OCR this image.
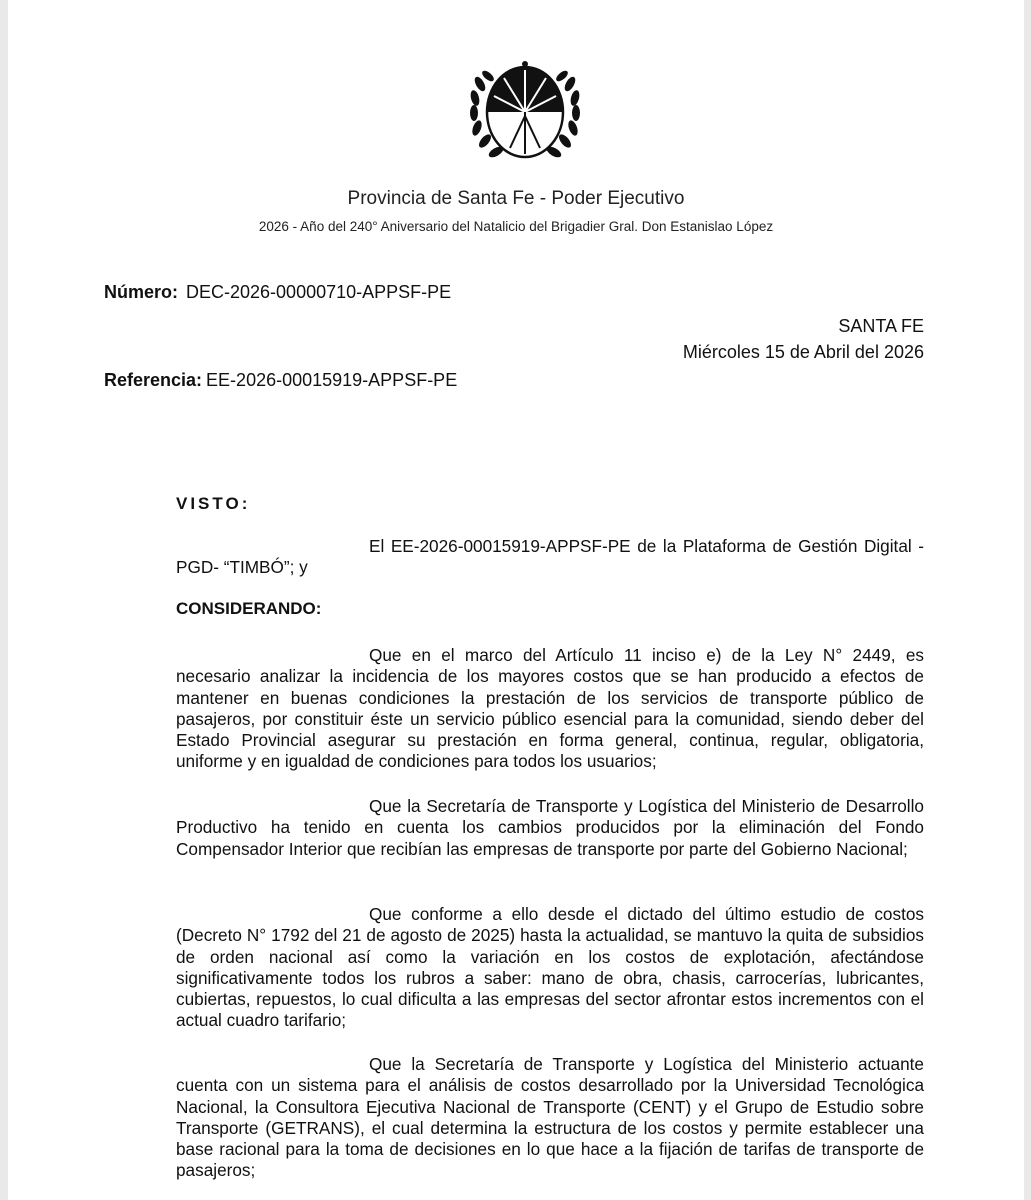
Provincia de Santa Fe - Poder Ejecutivo
2026 - Año del 240° Aniversario del Natalicio del Brigadier Gral. Don Estanislao López
Número: DEC-2026-00000710-APPSF-PE
SANTA FE
Miércoles 15 de Abril del 2026
Referencia: EE-2026-00015919-APPSF-PE
VISTO:

El EE-2026-00015919-APPSF-PE de la Plataforma de Gestión Digital -PGD- “TIMBÓ”; y

CONSIDERANDO:

Que en el marco del Artículo 11 inciso e) de la Ley N° 2449, es necesario analizar la incidencia de los mayores costos que se han producido a efectos de mantener en buenas condiciones la prestación de los servicios de transporte público de pasajeros, por constituir éste un servicio público esencial para la comunidad, siendo deber del Estado Provincial asegurar su prestación en forma general, continua, regular, obligatoria, uniforme y en igualdad de condiciones para todos los usuarios;

Que la Secretaría de Transporte y Logística del Ministerio de Desarrollo Productivo ha tenido en cuenta los cambios producidos por la eliminación del Fondo Compensador Interior que recibían las empresas de transporte por parte del Gobierno Nacional;

Que conforme a ello desde el dictado del último estudio de costos (Decreto N° 1792 del 21 de agosto de 2025) hasta la actualidad, se mantuvo la quita de subsidios de orden nacional así como la variación en los costos de explotación, afectándose significativamente todos los rubros a saber: mano de obra, chasis, carrocerías, lubricantes, cubiertas, repuestos, lo cual dificulta a las empresas del sector afrontar estos incrementos con el actual cuadro tarifario;

Que la Secretaría de Transporte y Logística del Ministerio actuante cuenta con un sistema para el análisis de costos desarrollado por la Universidad Tecnológica Nacional, la Consultora Ejecutiva Nacional de Transporte (CENT) y el Grupo de Estudio sobre Transporte (GETRANS), el cual determina la estructura de los costos y permite establecer una base racional para la toma de decisiones en lo que hace a la fijación de tarifas de transporte de pasajeros;
